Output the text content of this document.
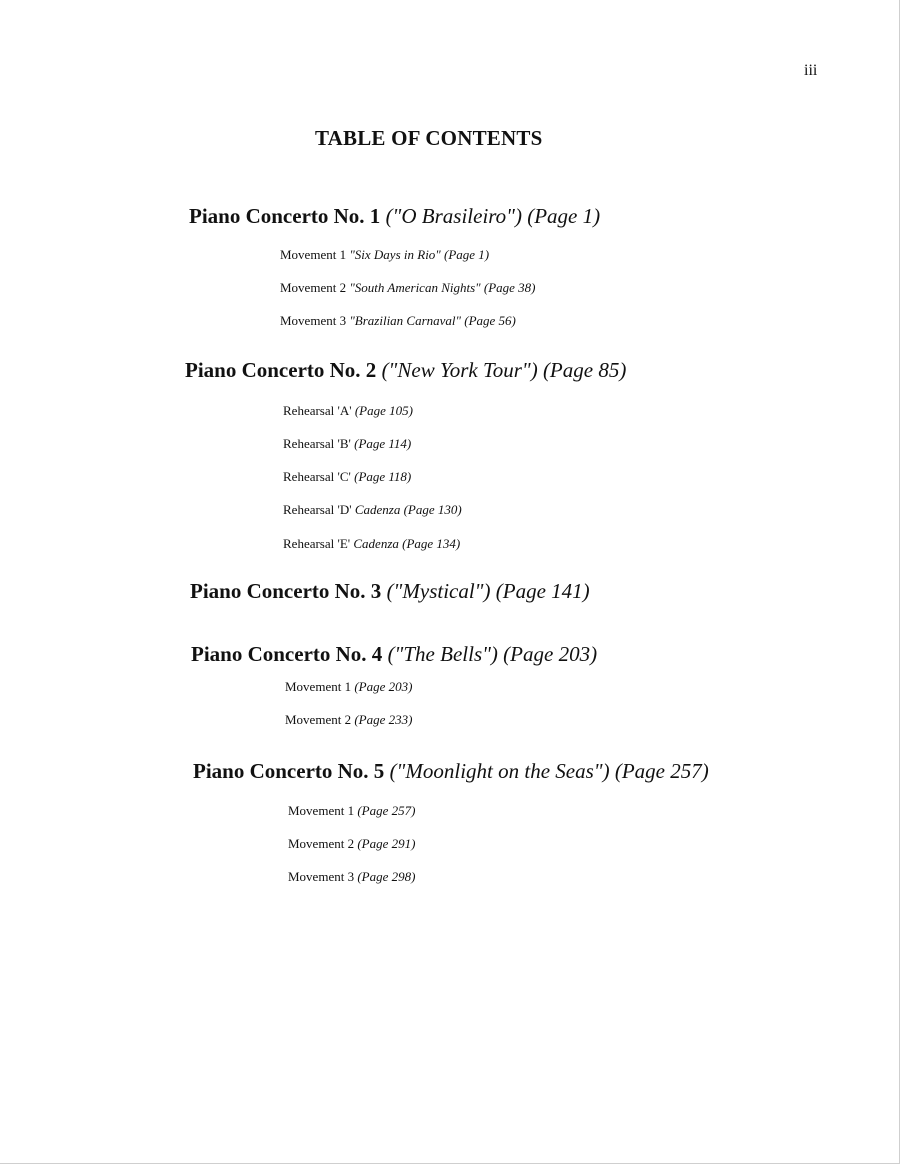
iii
TABLE OF CONTENTS
Piano Concerto No. 1 ("O Brasileiro") (Page 1)
Movement 1 "Six Days in Rio" (Page 1)
Movement 2 "South American Nights" (Page 38)
Movement 3 "Brazilian Carnaval" (Page 56)
Piano Concerto No. 2 ("New York Tour") (Page 85)
Rehearsal 'A' (Page 105)
Rehearsal 'B' (Page 114)
Rehearsal 'C' (Page 118)
Rehearsal 'D' Cadenza (Page 130)
Rehearsal 'E' Cadenza (Page 134)
Piano Concerto No. 3 ("Mystical") (Page 141)
Piano Concerto No. 4 ("The Bells") (Page 203)
Movement 1 (Page 203)
Movement 2 (Page 233)
Piano Concerto No. 5 ("Moonlight on the Seas") (Page 257)
Movement 1 (Page 257)
Movement 2 (Page 291)
Movement 3 (Page 298)
